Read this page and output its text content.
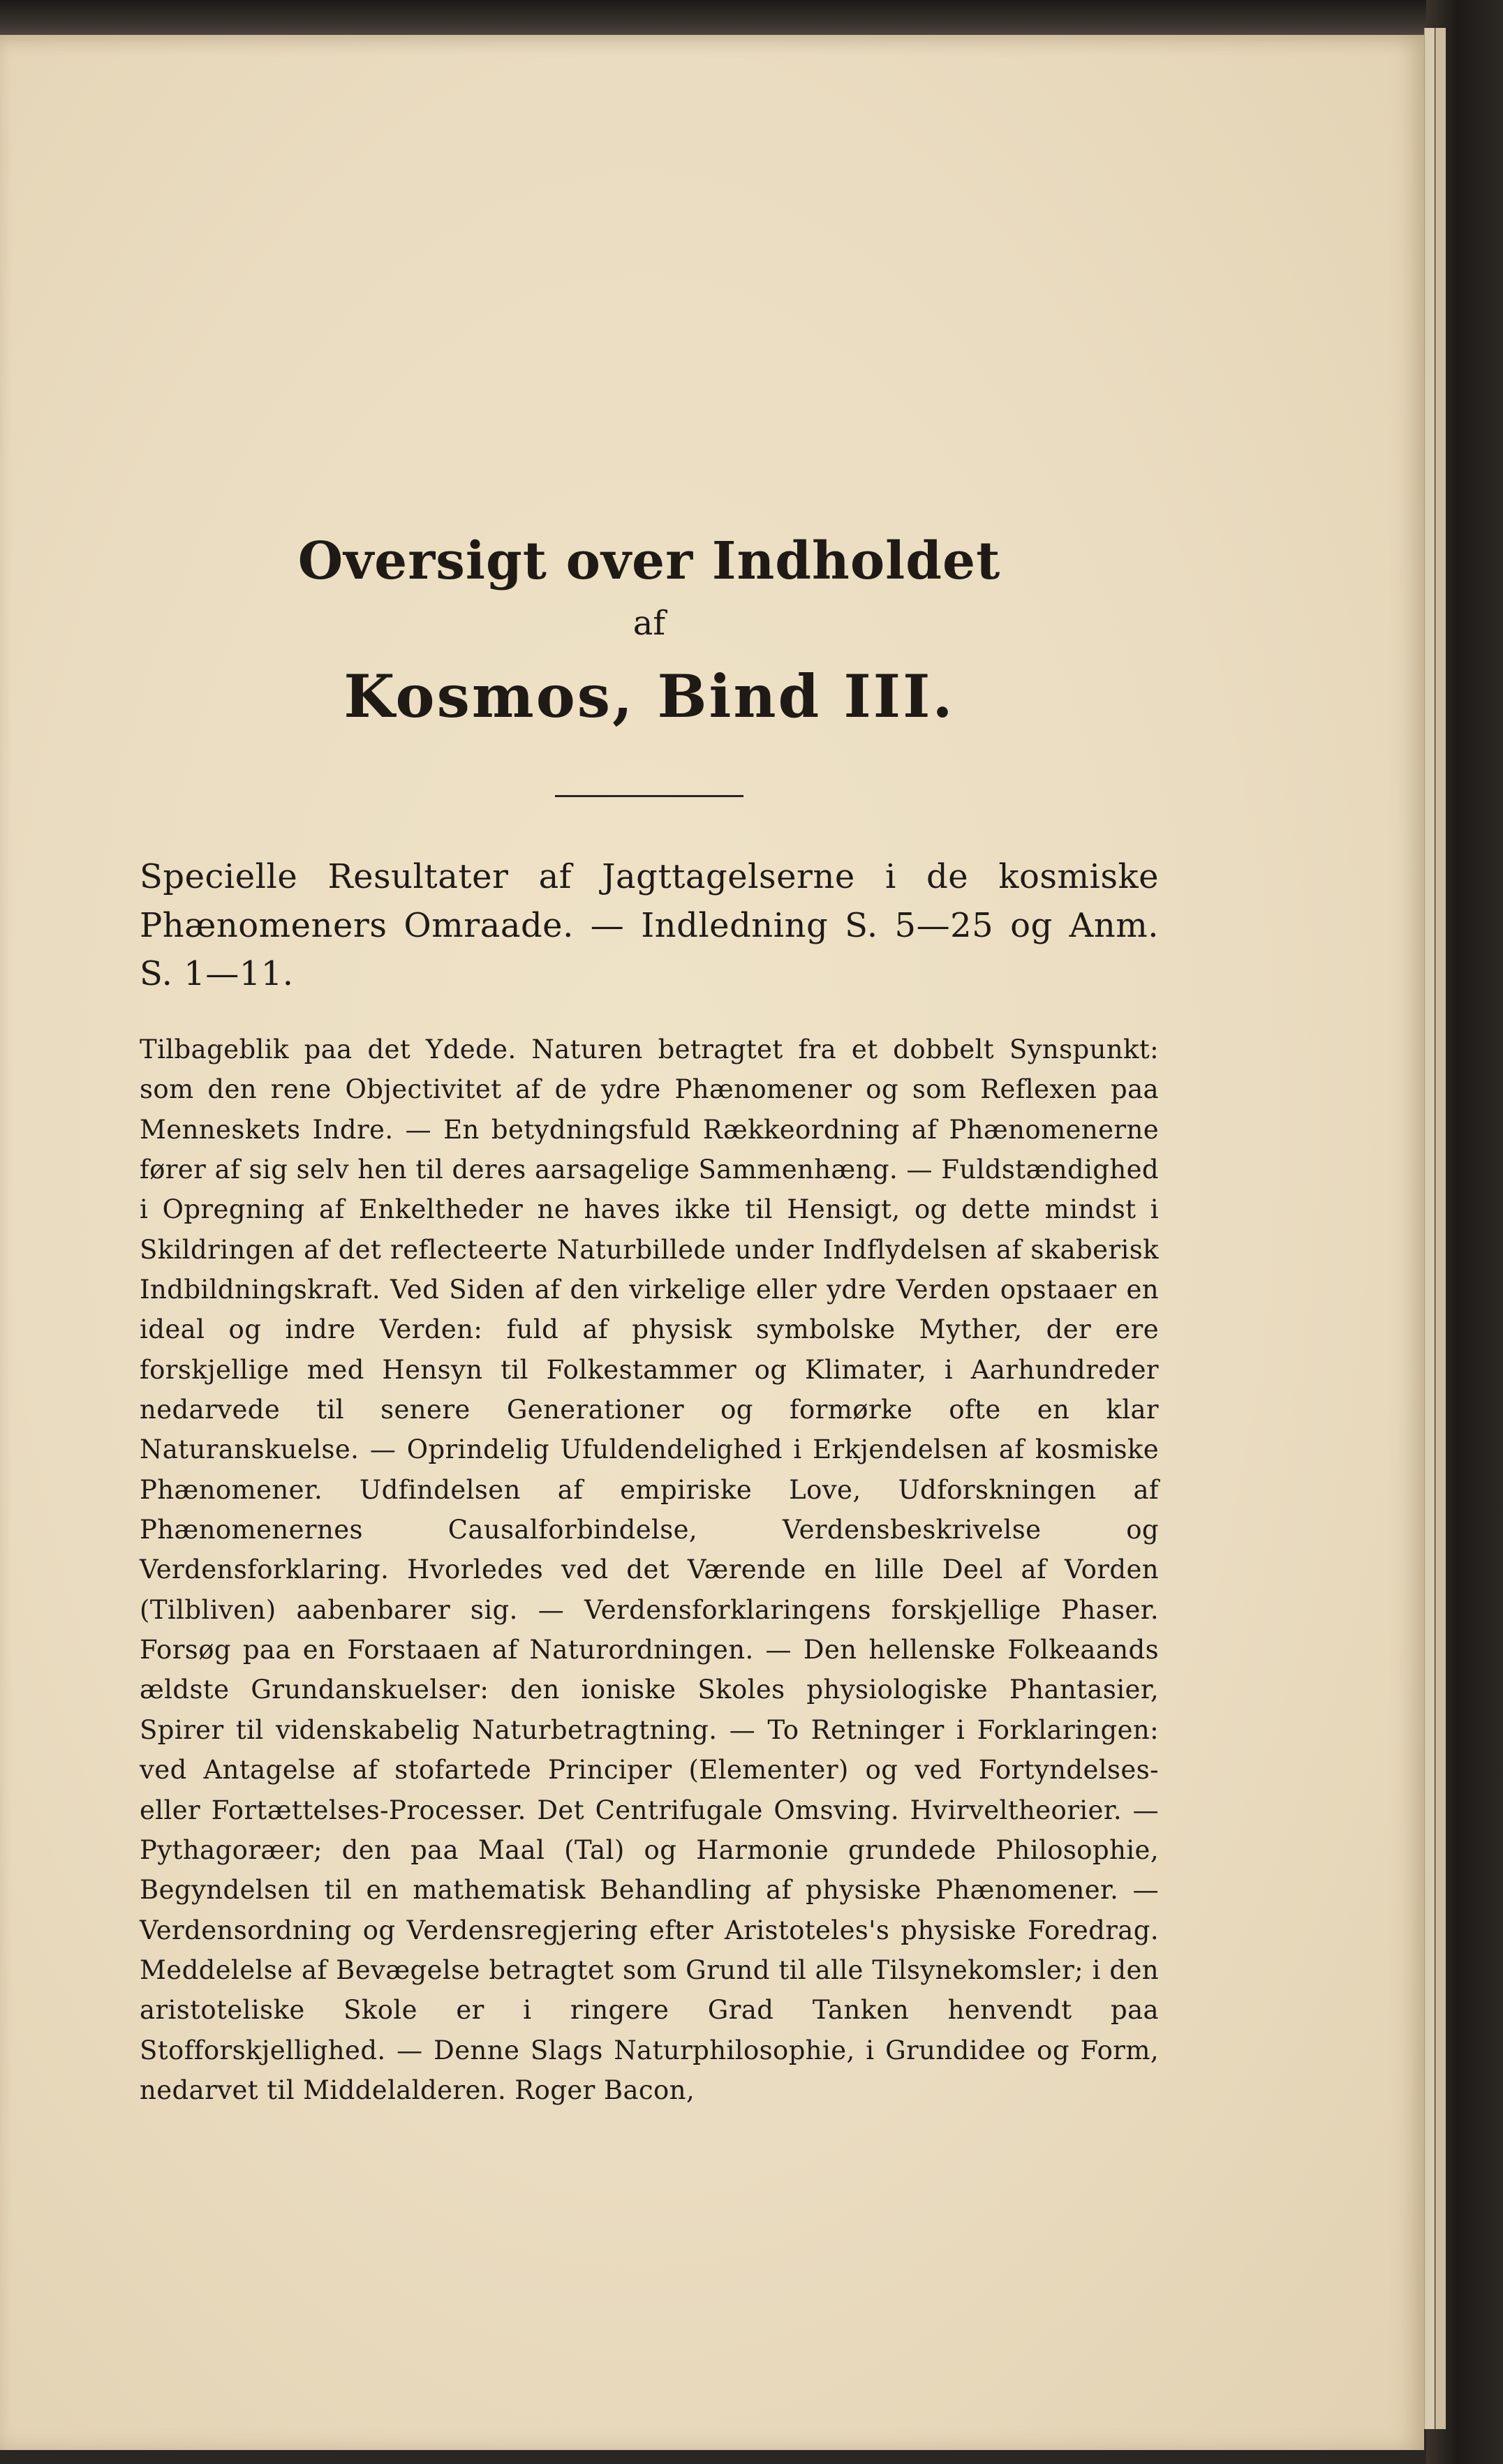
Oversigt over Indholdet

af

Kosmos, Bind III.

Specielle Resultater af Jagttagelserne i de kosmiske Phænomeners Omraade. — Indledning S. 5—25 og Anm. S. 1—11.

Tilbageblik paa det Ydede. Naturen betragtet fra et dobbelt Synspunkt: som den rene Objectivitet af de ydre Phænomener og som Reflexen paa Menneskets Indre. — En betydningsfuld Rækkeordning af Phænomenerne fører af sig selv hen til deres aarsagelige Sammenhæng. — Fuldstændighed i Opregning af Enkeltheder ne haves ikke til Hensigt, og dette mindst i Skildringen af det reflecteerte Naturbillede under Indflydelsen af skaberisk Indbildningskraft. Ved Siden af den virkelige eller ydre Verden opstaaer en ideal og indre Verden: fuld af physisk symbolske Myther, der ere forskjellige med Hensyn til Folkestammer og Klimater, i Aarhundreder nedarvede til senere Generationer og formørke ofte en klar Naturanskuelse. — Oprindelig Ufuldendelighed i Erkjendelsen af kosmiske Phænomener. Udfindelsen af empiriske Love, Udforskningen af Phænomenernes Causalforbindelse, Verdensbeskrivelse og Verdensforklaring. Hvorledes ved det Værende en lille Deel af Vorden (Tilbliven) aabenbarer sig. — Verdensforklaringens forskjellige Phaser. Forsøg paa en Forstaaen af Naturordningen. — Den hellenske Folkeaands ældste Grundanskuelser: den ioniske Skoles physiologiske Phantasier, Spirer til videnskabelig Naturbetragtning. — To Retninger i Forklaringen: ved Antagelse af stofartede Principer (Elementer) og ved Fortyndelses- eller Fortættelses-Processer. Det Centrifugale Omsving. Hvirveltheorier. — Pythagoræer; den paa Maal (Tal) og Harmonie grundede Philosophie, Begyndelsen til en mathematisk Behandling af physiske Phænomener. — Verdensordning og Verdensregjering efter Aristoteles's physiske Foredrag. Meddelelse af Bevægelse betragtet som Grund til alle Tilsynekomsler; i den aristoteliske Skole er i ringere Grad Tanken henvendt paa Stofforskjellighed. — Denne Slags Naturphilosophie, i Grundidee og Form, nedarvet til Middelalderen. Roger Bacon,
